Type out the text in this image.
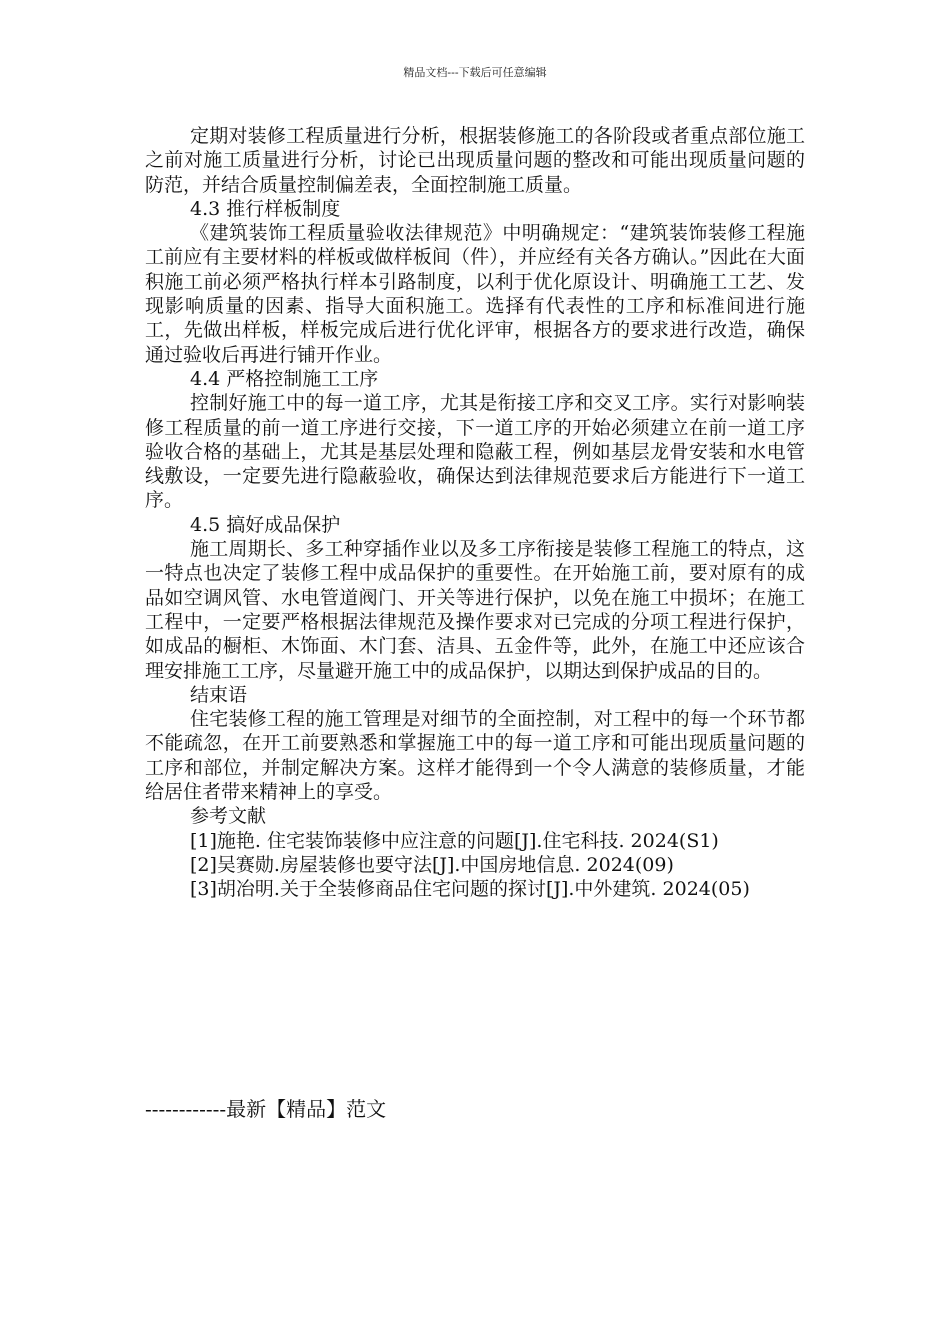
精品文档---下载后可任意编辑

定期对装修工程质量进行分析，根据装修施工的各阶段或者重点部位施工之前对施工质量进行分析，讨论已出现质量问题的整改和可能出现质量问题的防范，并结合质量控制偏差表，全面控制施工质量。

4.3 推行样板制度

《建筑装饰工程质量验收法律规范》中明确规定：“建筑装饰装修工程施工前应有主要材料的样板或做样板间（件），并应经有关各方确认。”因此在大面积施工前必须严格执行样本引路制度，以利于优化原设计、明确施工工艺、发现影响质量的因素、指导大面积施工。选择有代表性的工序和标准间进行施工，先做出样板，样板完成后进行优化评审，根据各方的要求进行改造，确保通过验收后再进行铺开作业。

4.4 严格控制施工工序

控制好施工中的每一道工序，尤其是衔接工序和交叉工序。实行对影响装修工程质量的前一道工序进行交接，下一道工序的开始必须建立在前一道工序验收合格的基础上，尤其是基层处理和隐蔽工程，例如基层龙骨安装和水电管线敷设，一定要先进行隐蔽验收，确保达到法律规范要求后方能进行下一道工序。

4.5 搞好成品保护

施工周期长、多工种穿插作业以及多工序衔接是装修工程施工的特点，这一特点也决定了装修工程中成品保护的重要性。在开始施工前，要对原有的成品如空调风管、水电管道阀门、开关等进行保护，以免在施工中损坏；在施工工程中，一定要严格根据法律规范及操作要求对已完成的分项工程进行保护，如成品的橱柜、木饰面、木门套、洁具、五金件等，此外，在施工中还应该合理安排施工工序，尽量避开施工中的成品保护，以期达到保护成品的目的。

结束语

住宅装修工程的施工管理是对细节的全面控制，对工程中的每一个环节都不能疏忽，在开工前要熟悉和掌握施工中的每一道工序和可能出现质量问题的工序和部位，并制定解决方案。这样才能得到一个令人满意的装修质量，才能给居住者带来精神上的享受。

参考文献

[1]施艳. 住宅装饰装修中应注意的问题[J].住宅科技. 2024(S1)

[2]吴赛勋.房屋装修也要守法[J].中国房地信息. 2024(09)

[3]胡冶明.关于全装修商品住宅问题的探讨[J].中外建筑. 2024(05)

------------最新【精品】范文
